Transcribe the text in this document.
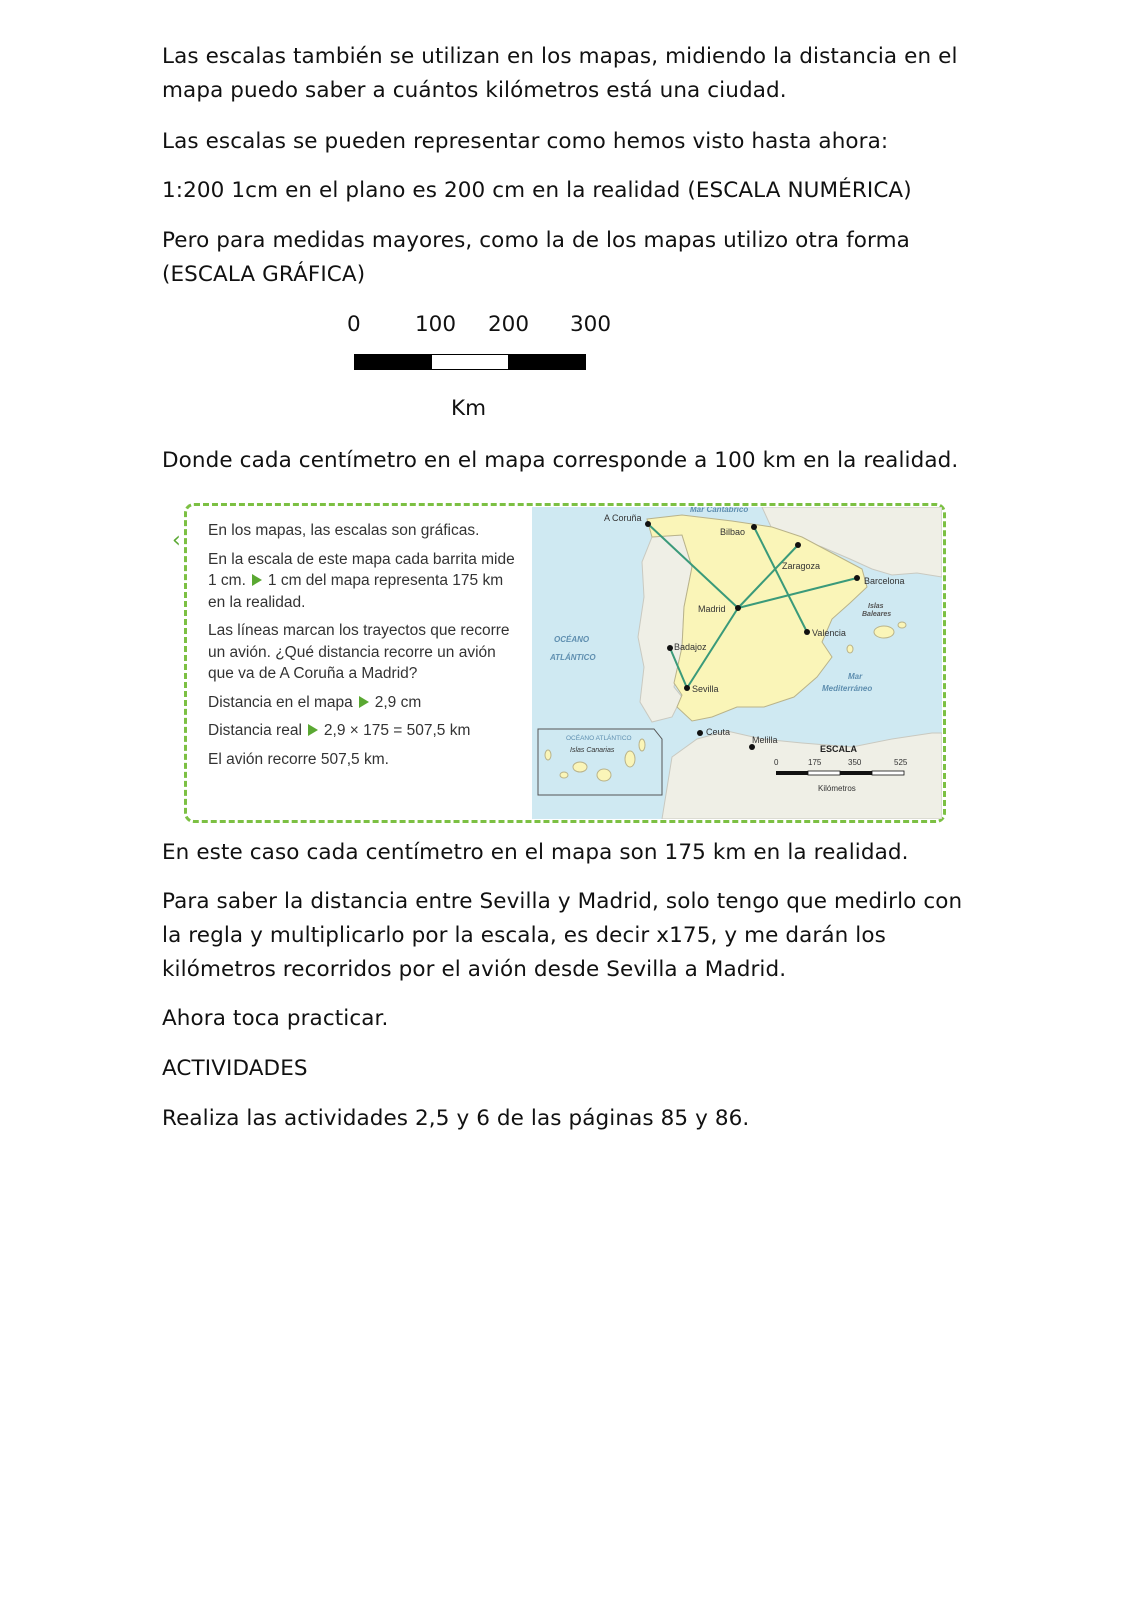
Las escalas también se utilizan en los mapas, midiendo la distancia en el mapa puedo saber a cuántos kilómetros está una ciudad.

Las escalas se pueden representar como hemos visto hasta ahora:

1:200 1cm en el plano es 200 cm en la realidad (ESCALA NUMÉRICA)

Pero para medidas mayores, como la de los mapas utilizo otra forma (ESCALA GRÁFICA)

0	100 200 300
Km

Donde cada centímetro en el mapa corresponde a 100 km en la realidad.

‹ En los mapas, las escalas son gráficas.

En la escala de este mapa cada barrita mide 1 cm. 1 cm del mapa representa 175 km en la realidad.

Las líneas marcan los trayectos que recorre un avión. ¿Qué distancia recorre un avión que va de A Coruña a Madrid?

Distancia en el mapa 2,9 cm

Distancia real 2,9 × 175 = 507,5 km

El avión recorre 507,5 km.

A Coruña
Bilbao
Zaragoza
Barcelona
Madrid
Valencia
Badajoz
Sevilla
Ceuta
Melilla
Mar Cantábrico
OCÉANO
ATLÁNTICO
Mar
Mediterráneo
Islas
Baleares
OCÉANO ATLÁNTICO
Islas Canarias	ESCALA
0	175	350	525
Kilómetros

En este caso cada centímetro en el mapa son 175 km en la realidad.

Para saber la distancia entre Sevilla y Madrid, solo tengo que medirlo con la regla y multiplicarlo por la escala, es decir x175, y me darán los kilómetros recorridos por el avión desde Sevilla a Madrid.

Ahora toca practicar.

ACTIVIDADES

Realiza las actividades 2,5 y 6 de las páginas 85 y 86.
